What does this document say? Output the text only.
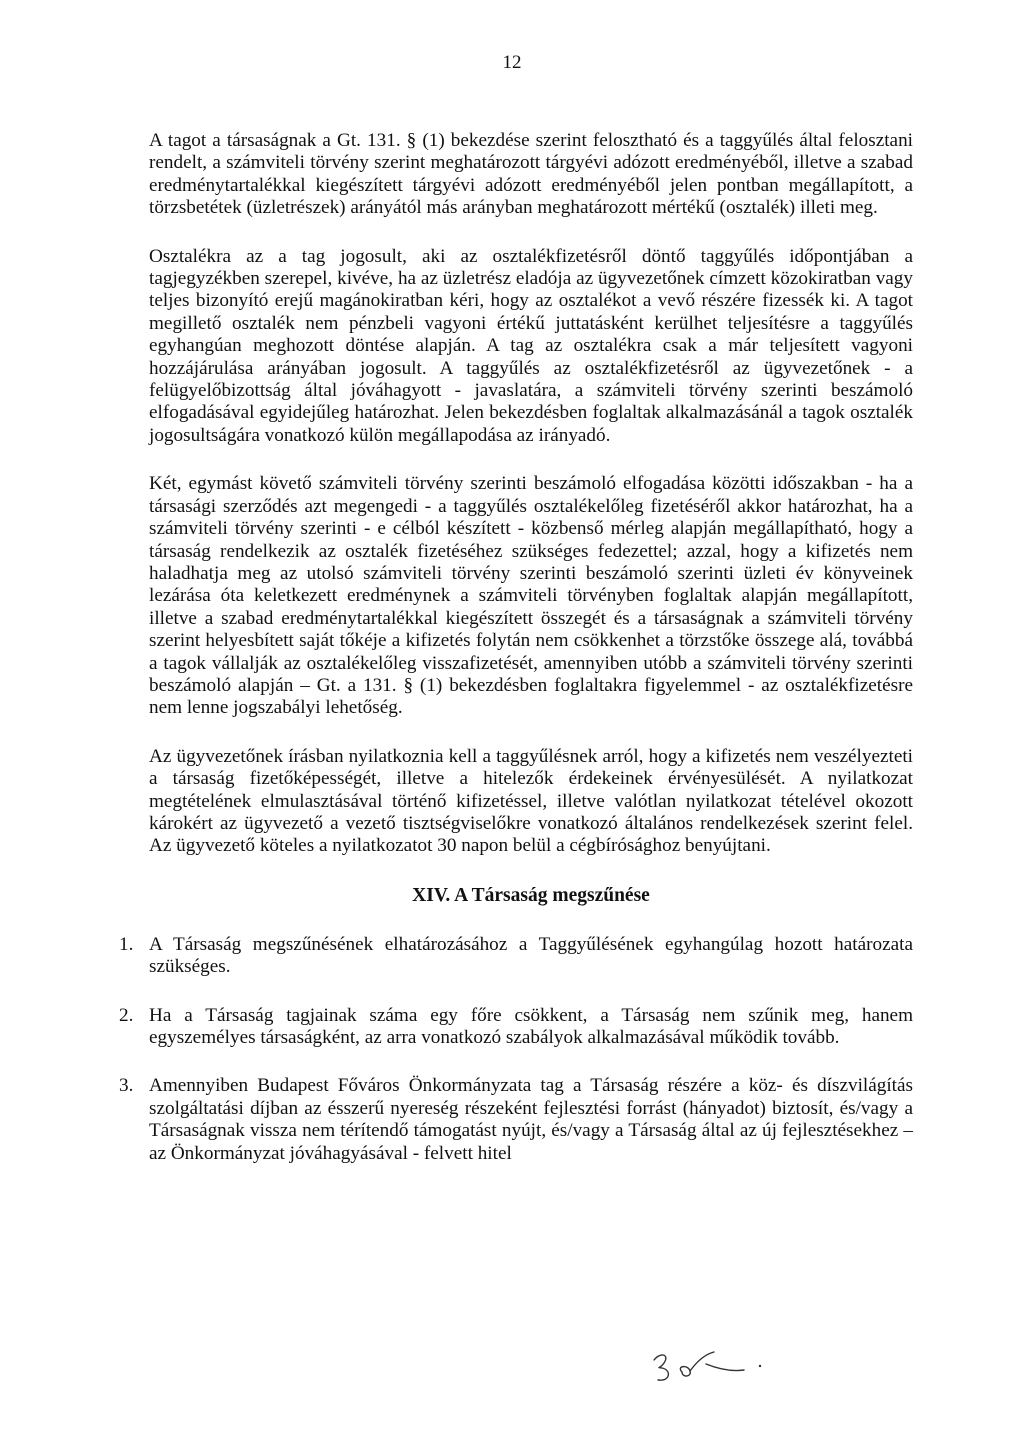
12

A tagot a társaságnak a Gt. 131. § (1) bekezdése szerint felosztható és a taggyűlés által felosztani rendelt, a számviteli törvény szerint meghatározott tárgyévi adózott eredményéből, illetve a szabad eredménytartalékkal kiegészített tárgyévi adózott eredményéből jelen pontban megállapított, a törzsbetétek (üzletrészek) arányától más arányban meghatározott mértékű (osztalék) illeti meg.

Osztalékra az a tag jogosult, aki az osztalékfizetésről döntő taggyűlés időpontjában a tagjegyzékben szerepel, kivéve, ha az üzletrész eladója az ügyvezetőnek címzett közokiratban vagy teljes bizonyító erejű magánokiratban kéri, hogy az osztalékot a vevő részére fizessék ki. A tagot megillető osztalék nem pénzbeli vagyoni értékű juttatásként kerülhet teljesítésre a taggyűlés egyhangúan meghozott döntése alapján. A tag az osztalékra csak a már teljesített vagyoni hozzájárulása arányában jogosult. A taggyűlés az osztalékfizetésről az ügyvezetőnek - a felügyelőbizottság által jóváhagyott - javaslatára, a számviteli törvény szerinti beszámoló elfogadásával egyidejűleg határozhat. Jelen bekezdésben foglaltak alkalmazásánál a tagok osztalék jogosultságára vonatkozó külön megállapodása az irányadó.

Két, egymást követő számviteli törvény szerinti beszámoló elfogadása közötti időszakban - ha a társasági szerződés azt megengedi - a taggyűlés osztalékelőleg fizetéséről akkor határozhat, ha a számviteli törvény szerinti - e célból készített - közbenső mérleg alapján megállapítható, hogy a társaság rendelkezik az osztalék fizetéséhez szükséges fedezettel; azzal, hogy a kifizetés nem haladhatja meg az utolsó számviteli törvény szerinti beszámoló szerinti üzleti év könyveinek lezárása óta keletkezett eredménynek a számviteli törvényben foglaltak alapján megállapított, illetve a szabad eredménytartalékkal kiegészített összegét és a társaságnak a számviteli törvény szerint helyesbített saját tőkéje a kifizetés folytán nem csökkenhet a törzstőke összege alá, továbbá a tagok vállalják az osztalékelőleg visszafizetését, amennyiben utóbb a számviteli törvény szerinti beszámoló alapján – Gt. a 131. § (1) bekezdésben foglaltakra figyelemmel - az osztalékfizetésre nem lenne jogszabályi lehetőség.

Az ügyvezetőnek írásban nyilatkoznia kell a taggyűlésnek arról, hogy a kifizetés nem veszélyezteti a társaság fizetőképességét, illetve a hitelezők érdekeinek érvényesülését. A nyilatkozat megtételének elmulasztásával történő kifizetéssel, illetve valótlan nyilatkozat tételével okozott károkért az ügyvezető a vezető tisztségviselőkre vonatkozó általános rendelkezések szerint felel. Az ügyvezető köteles a nyilatkozatot 30 napon belül a cégbírósághoz benyújtani.

XIV. A Társaság megszűnése
1. A Társaság megszűnésének elhatározásához a Taggyűlésének egyhangúlag hozott határozata szükséges.
2. Ha a Társaság tagjainak száma egy főre csökkent, a Társaság nem szűnik meg, hanem egyszemélyes társaságként, az arra vonatkozó szabályok alkalmazásával működik tovább.
3. Amennyiben Budapest Főváros Önkormányzata tag a Társaság részére a köz- és díszvilágítás szolgáltatási díjban az ésszerű nyereség részeként fejlesztési forrást (hányadot) biztosít, és/vagy a Társaságnak vissza nem térítendő támogatást nyújt, és/vagy a Társaság által az új fejlesztésekhez – az Önkormányzat jóváhagyásával - felvett hitel
